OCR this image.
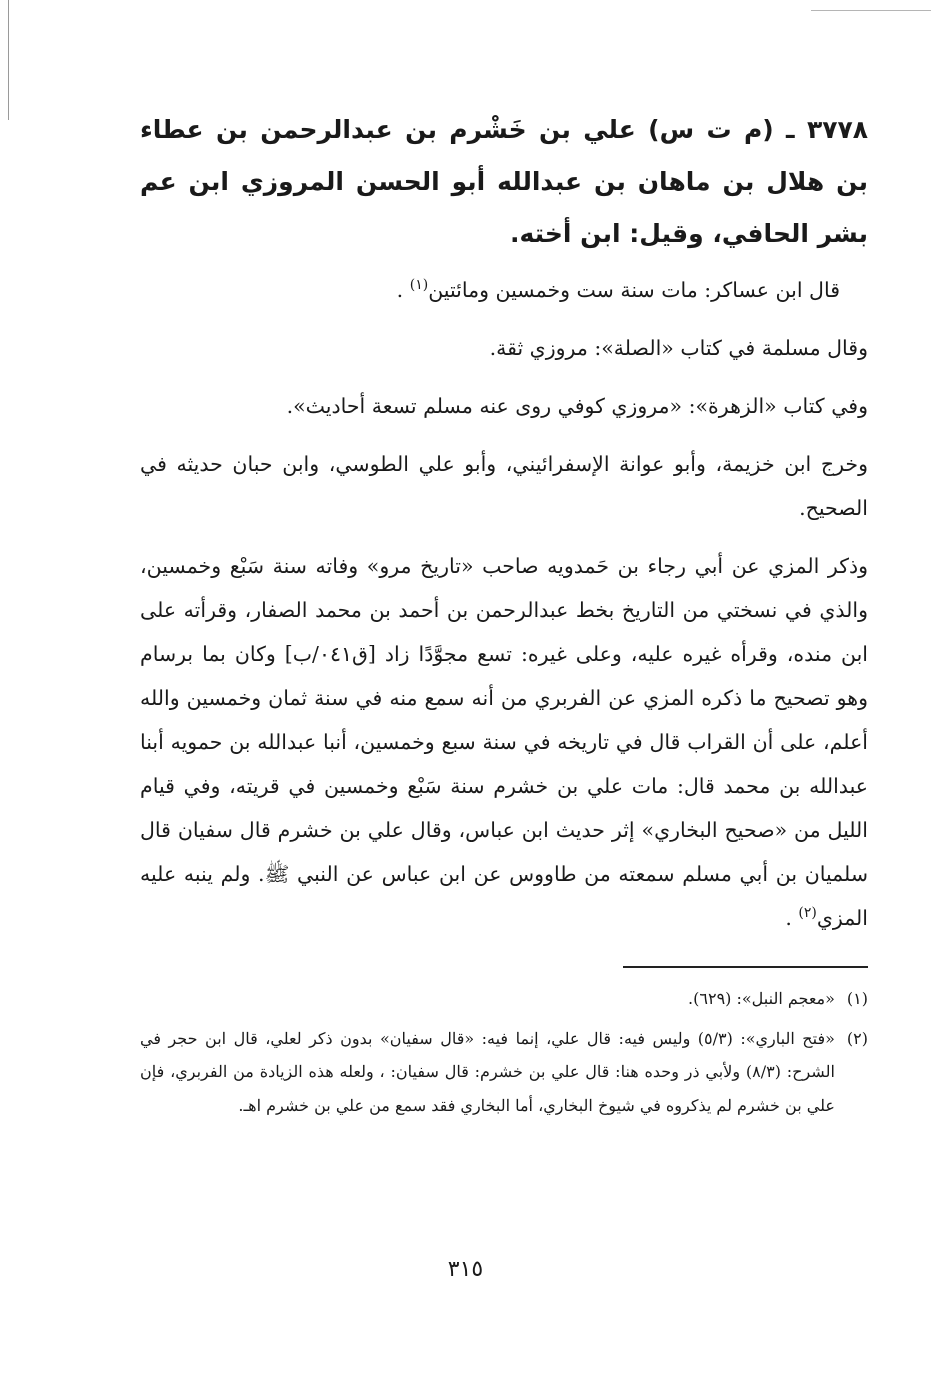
٣٧٧٨ ـ (م ت س) علي بن خَشْرم بن عبدالرحمن بن عطاء بن هلال بن ماهان بن عبدالله أبو الحسن المروزي ابن عم بشر الحافي، وقيل: ابن أخته.

قال ابن عساكر: مات سنة ست وخمسين ومائتين$^{(١)}$ .

وقال مسلمة في كتاب «الصلة»: مروزي ثقة.

وفي كتاب «الزهرة»: «مروزي كوفي روى عنه مسلم تسعة أحاديث».

وخرج ابن خزيمة، وأبو عوانة الإسفرائيني، وأبو علي الطوسي، وابن حبان حديثه في الصحيح.

وذكر المزي عن أبي رجاء بن حَمدويه صاحب «تاريخ مرو» وفاته سنة سَبْع وخمسين، والذي في نسختي من التاريخ بخط عبدالرحمن بن أحمد بن محمد الصفار، وقرأته على ابن منده، وقرأه غيره عليه، وعلى غيره: تسع مجوَّدًا زاد [ق٠٤١/ب] وكان بما برسام وهو تصحيح ما ذكره المزي عن الفربري من أنه سمع منه في سنة ثمان وخمسين والله أعلم، على أن القراب قال في تاريخه في سنة سبع وخمسين، أنبا عبدالله بن حمويه أبنا عبدالله بن محمد قال: مات علي بن خشرم سنة سَبْع وخمسين في قريته، وفي قيام الليل من «صحيح البخاري» إثر حديث ابن عباس، وقال علي بن خشرم قال سفيان قال سلميان بن أبي مسلم سمعته من طاووس عن ابن عباس عن النبي ﷺ. ولم ينبه عليه المزي$^{(٢)}$ .

(١)
«معجم النبل»: (٦٢٩).
(٢)
«فتح الباري»: (٥/٣) وليس فيه: قال علي، إنما فيه: «قال سفيان» بدون ذكر لعلي، قال ابن حجر في الشرح: (٨/٣) ولأبي ذر وحده هنا: قال علي بن خشرم: قال سفيان: ، ولعله هذه الزيادة من الفربري، فإن علي بن خشرم لم يذكروه في شيوخ البخاري، أما البخاري فقد سمع من علي بن خشرم اهـ.
٣١٥
